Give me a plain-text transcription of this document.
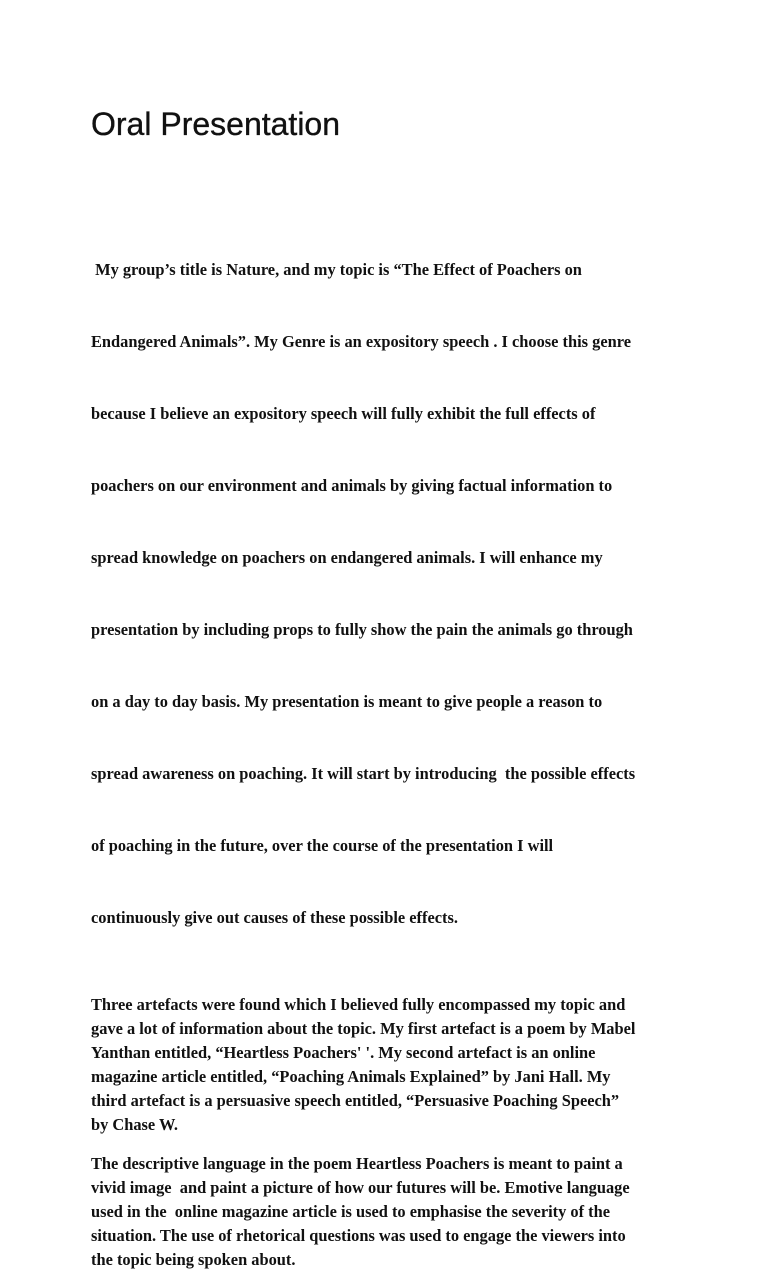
Oral Presentation

My group’s title is Nature, and my topic is “The Effect of Poachers on

Endangered Animals”. My Genre is an expository speech . I choose this genre

because I believe an expository speech will fully exhibit the full effects of

poachers on our environment and animals by giving factual information to

spread knowledge on poachers on endangered animals. I will enhance my

presentation by including props to fully show the pain the animals go through

on a day to day basis. My presentation is meant to give people a reason to

spread awareness on poaching. It will start by introducing  the possible effects

of poaching in the future, over the course of the presentation I will

continuously give out causes of these possible effects.

Three artefacts were found which I believed fully encompassed my topic and
gave a lot of information about the topic. My first artefact is a poem by Mabel
Yanthan entitled, “Heartless Poachers' '. My second artefact is an online
magazine article entitled, “Poaching Animals Explained” by Jani Hall. My
third artefact is a persuasive speech entitled, “Persuasive Poaching Speech”
by Chase W.

The descriptive language in the poem Heartless Poachers is meant to paint a
vivid image  and paint a picture of how our futures will be. Emotive language
used in the  online magazine article is used to emphasise the severity of the
situation. The use of rhetorical questions was used to engage the viewers into
the topic being spoken about.
